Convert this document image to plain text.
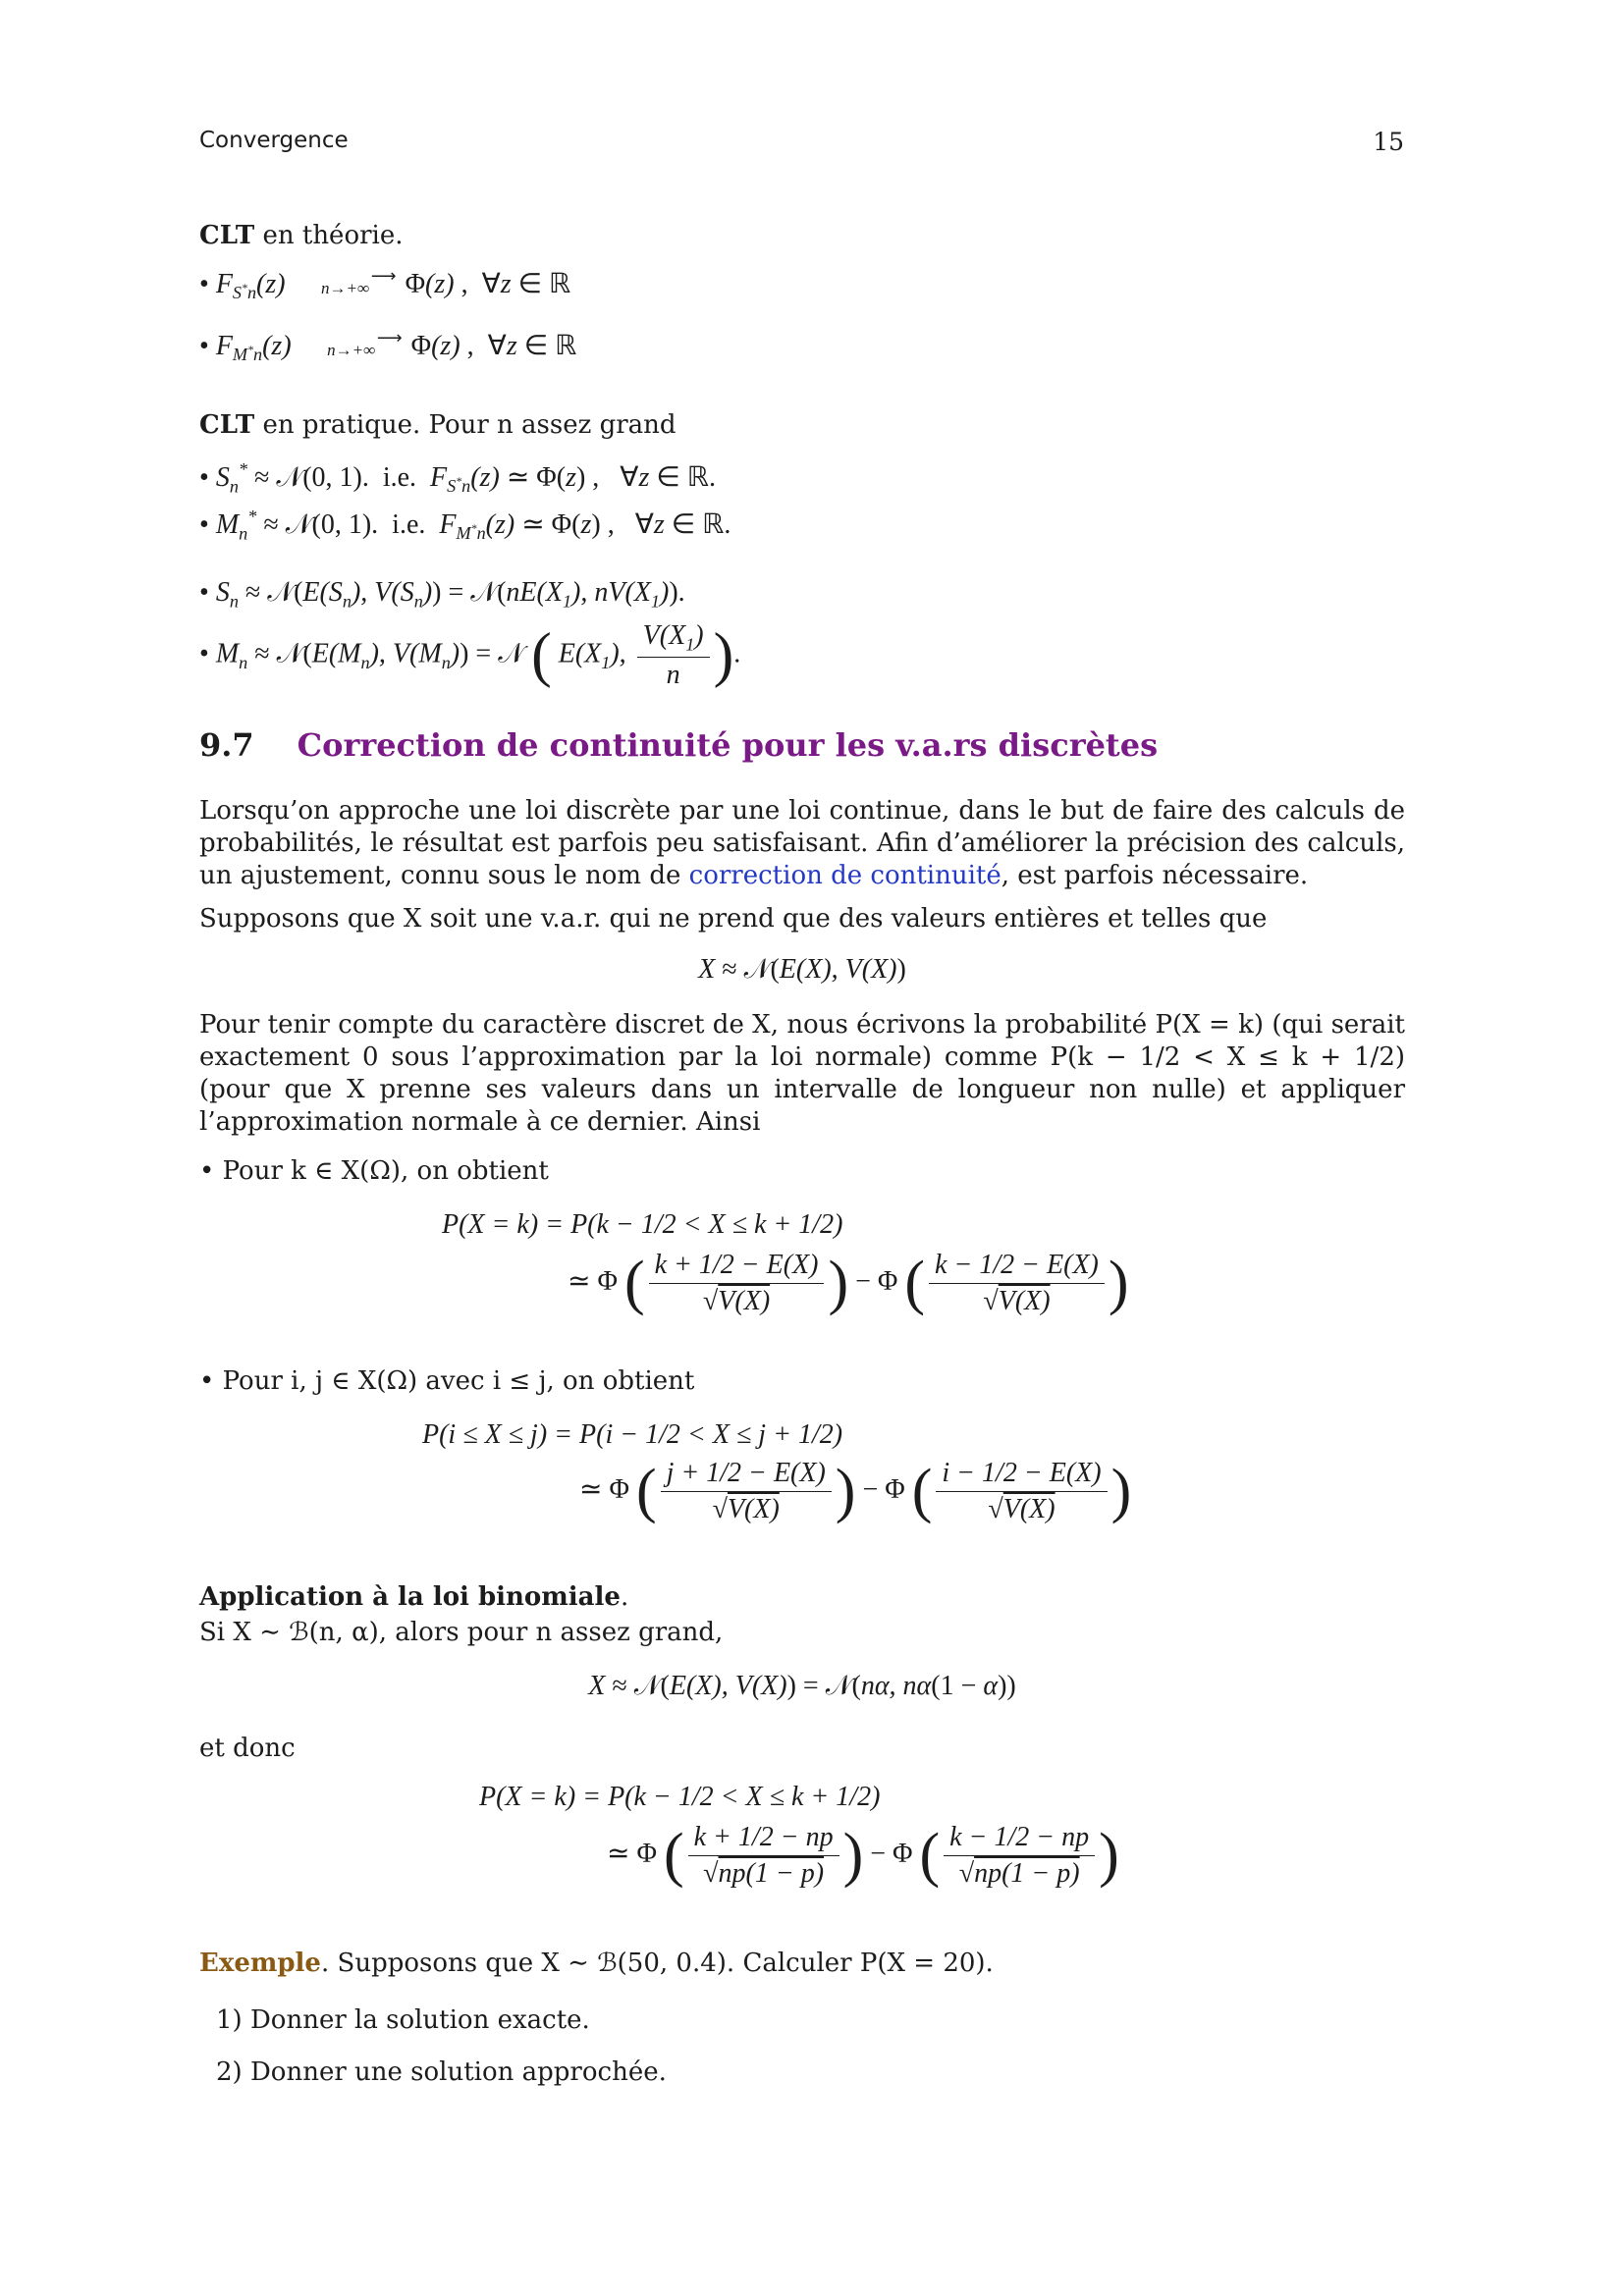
Convergence	15
CLT en théorie.
• $F_{S^*n}(z)$	⟶
n→+∞	Φ(z) ,  ∀z ∈ ℝ
• $F_{M^*n}(z)$	⟶
n→+∞	Φ(z) ,  ∀z ∈ ℝ
CLT en pratique. Pour n assez grand
• $S_n^*$ ≈ 𝒩(0, 1).  i.e.  $F_{S^*n}(z)$ ≃ Φ(z) ,   ∀z ∈ ℝ.
• $M_n^*$ ≈ 𝒩(0, 1).  i.e.  $F_{M^*n}(z)$ ≃ Φ(z) ,   ∀z ∈ ℝ.
• $S_n$ ≈ $𝒩(E(S_n)$, $V(S_n)$) = $𝒩(nE(X_1)$, $nV(X_1)$).
• $M_n$ ≈ $𝒩(E(M_n)$, $V(M_n)$) = 𝒩 ( $E(X_1)$, $\frac{V(X_1)}{n}$ ).
9.7 Correction de continuité pour les v.a.rs discrètes
Lorsqu’on approche une loi discrète par une loi continue, dans le but de faire des calculs de probabilités, le résultat est parfois peu satisfaisant. Afin d’améliorer la précision des calculs, un ajustement, connu sous le nom de correction de continuité, est parfois nécessaire.
Supposons que X soit une v.a.r. qui ne prend que des valeurs entières et telles que
X ≈ 𝒩(E(X), V(X))
Pour tenir compte du caractère discret de X, nous écrivons la probabilité P(X = k) (qui serait exactement 0 sous l’approximation par la loi normale) comme P(k − 1/2 < X ≤ k + 1/2) (pour que X prenne ses valeurs dans un intervalle de longueur non nulle) et appliquer l’approximation normale à ce dernier. Ainsi
• Pour k ∈ X(Ω), on obtient
P(X = k) = P(k − 1/2 < X ≤ k + 1/2)
≃ Φ ( $\frac{k + 1/2 - E(X)}{√V(X)}$ ) − Φ ( $\frac{k - 1/2 - E(X)}{√V(X)}$ )
• Pour i, j ∈ X(Ω) avec i ≤ j, on obtient
P(i ≤ X ≤ j) = P(i − 1/2 < X ≤ j + 1/2)
≃ Φ ( $\frac{j + 1/2 - E(X)}{√V(X)}$ ) − Φ ( $\frac{i - 1/2 - E(X)}{√V(X)}$ )
Application à la loi binomiale.
Si X ∼ ℬ(n, α), alors pour n assez grand,
X ≈ 𝒩(E(X), V(X)) = 𝒩(nα, nα(1 − α))
et donc
P(X = k) = P(k − 1/2 < X ≤ k + 1/2)
≃ Φ ( $\frac{k + 1/2 - np}{√np(1 - p)}$ ) − Φ ( $\frac{k - 1/2 - np}{√np(1 - p)}$ )
Exemple. Supposons que X ∼ ℬ(50, 0.4). Calculer P(X = 20).
1) Donner la solution exacte.
2) Donner une solution approchée.
